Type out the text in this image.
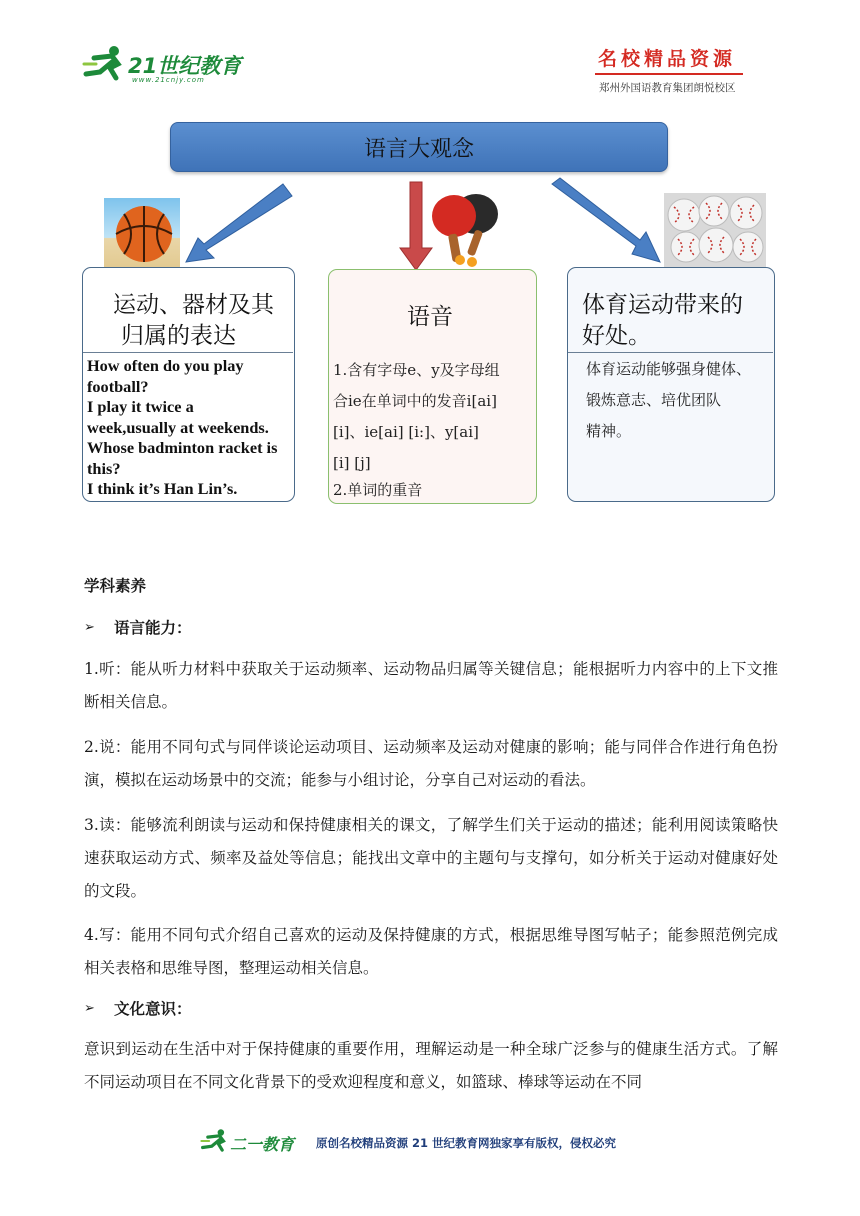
21世纪教育
www.21cnjy.com
名校精品资源
郑州外国语教育集团朗悦校区
语言大观念
运动、器材及其
归属的表达
How often do you play
football?
I play it twice a
week,usually at weekends.
Whose badminton racket is
this?
I think it’s Han Lin’s.
语音
1.含有字母e、y及字母组
合ie在单词中的发音i[ai]
[i]、ie[ai] [i:]、y[ai]
[i] [j]
2.单词的重音
体育运动带来的
好处。
体育运动能够强身健体、
锻炼意志、培优团队
精神。
学科素养
➢	语言能力：
1.听：能从听力材料中获取关于运动频率、运动物品归属等关键信息；能根据听力内容中的上下文推断相关信息。
2.说：能用不同句式与同伴谈论运动项目、运动频率及运动对健康的影响；能与同伴合作进行角色扮演，模拟在运动场景中的交流；能参与小组讨论，分享自己对运动的看法。
3.读：能够流利朗读与运动和保持健康相关的课文，了解学生们关于运动的描述；能利用阅读策略快速获取运动方式、频率及益处等信息；能找出文章中的主题句与支撑句，如分析关于运动对健康好处的文段。
4.写：能用不同句式介绍自己喜欢的运动及保持健康的方式，根据思维导图写帖子；能参照范例完成相关表格和思维导图，整理运动相关信息。
➢	文化意识：
意识到运动在生活中对于保持健康的重要作用，理解运动是一种全球广泛参与的健康生活方式。了解不同运动项目在不同文化背景下的受欢迎程度和意义，如篮球、棒球等运动在不同
二一教育 原创名校精品资源 21 世纪教育网独家享有版权，侵权必究
